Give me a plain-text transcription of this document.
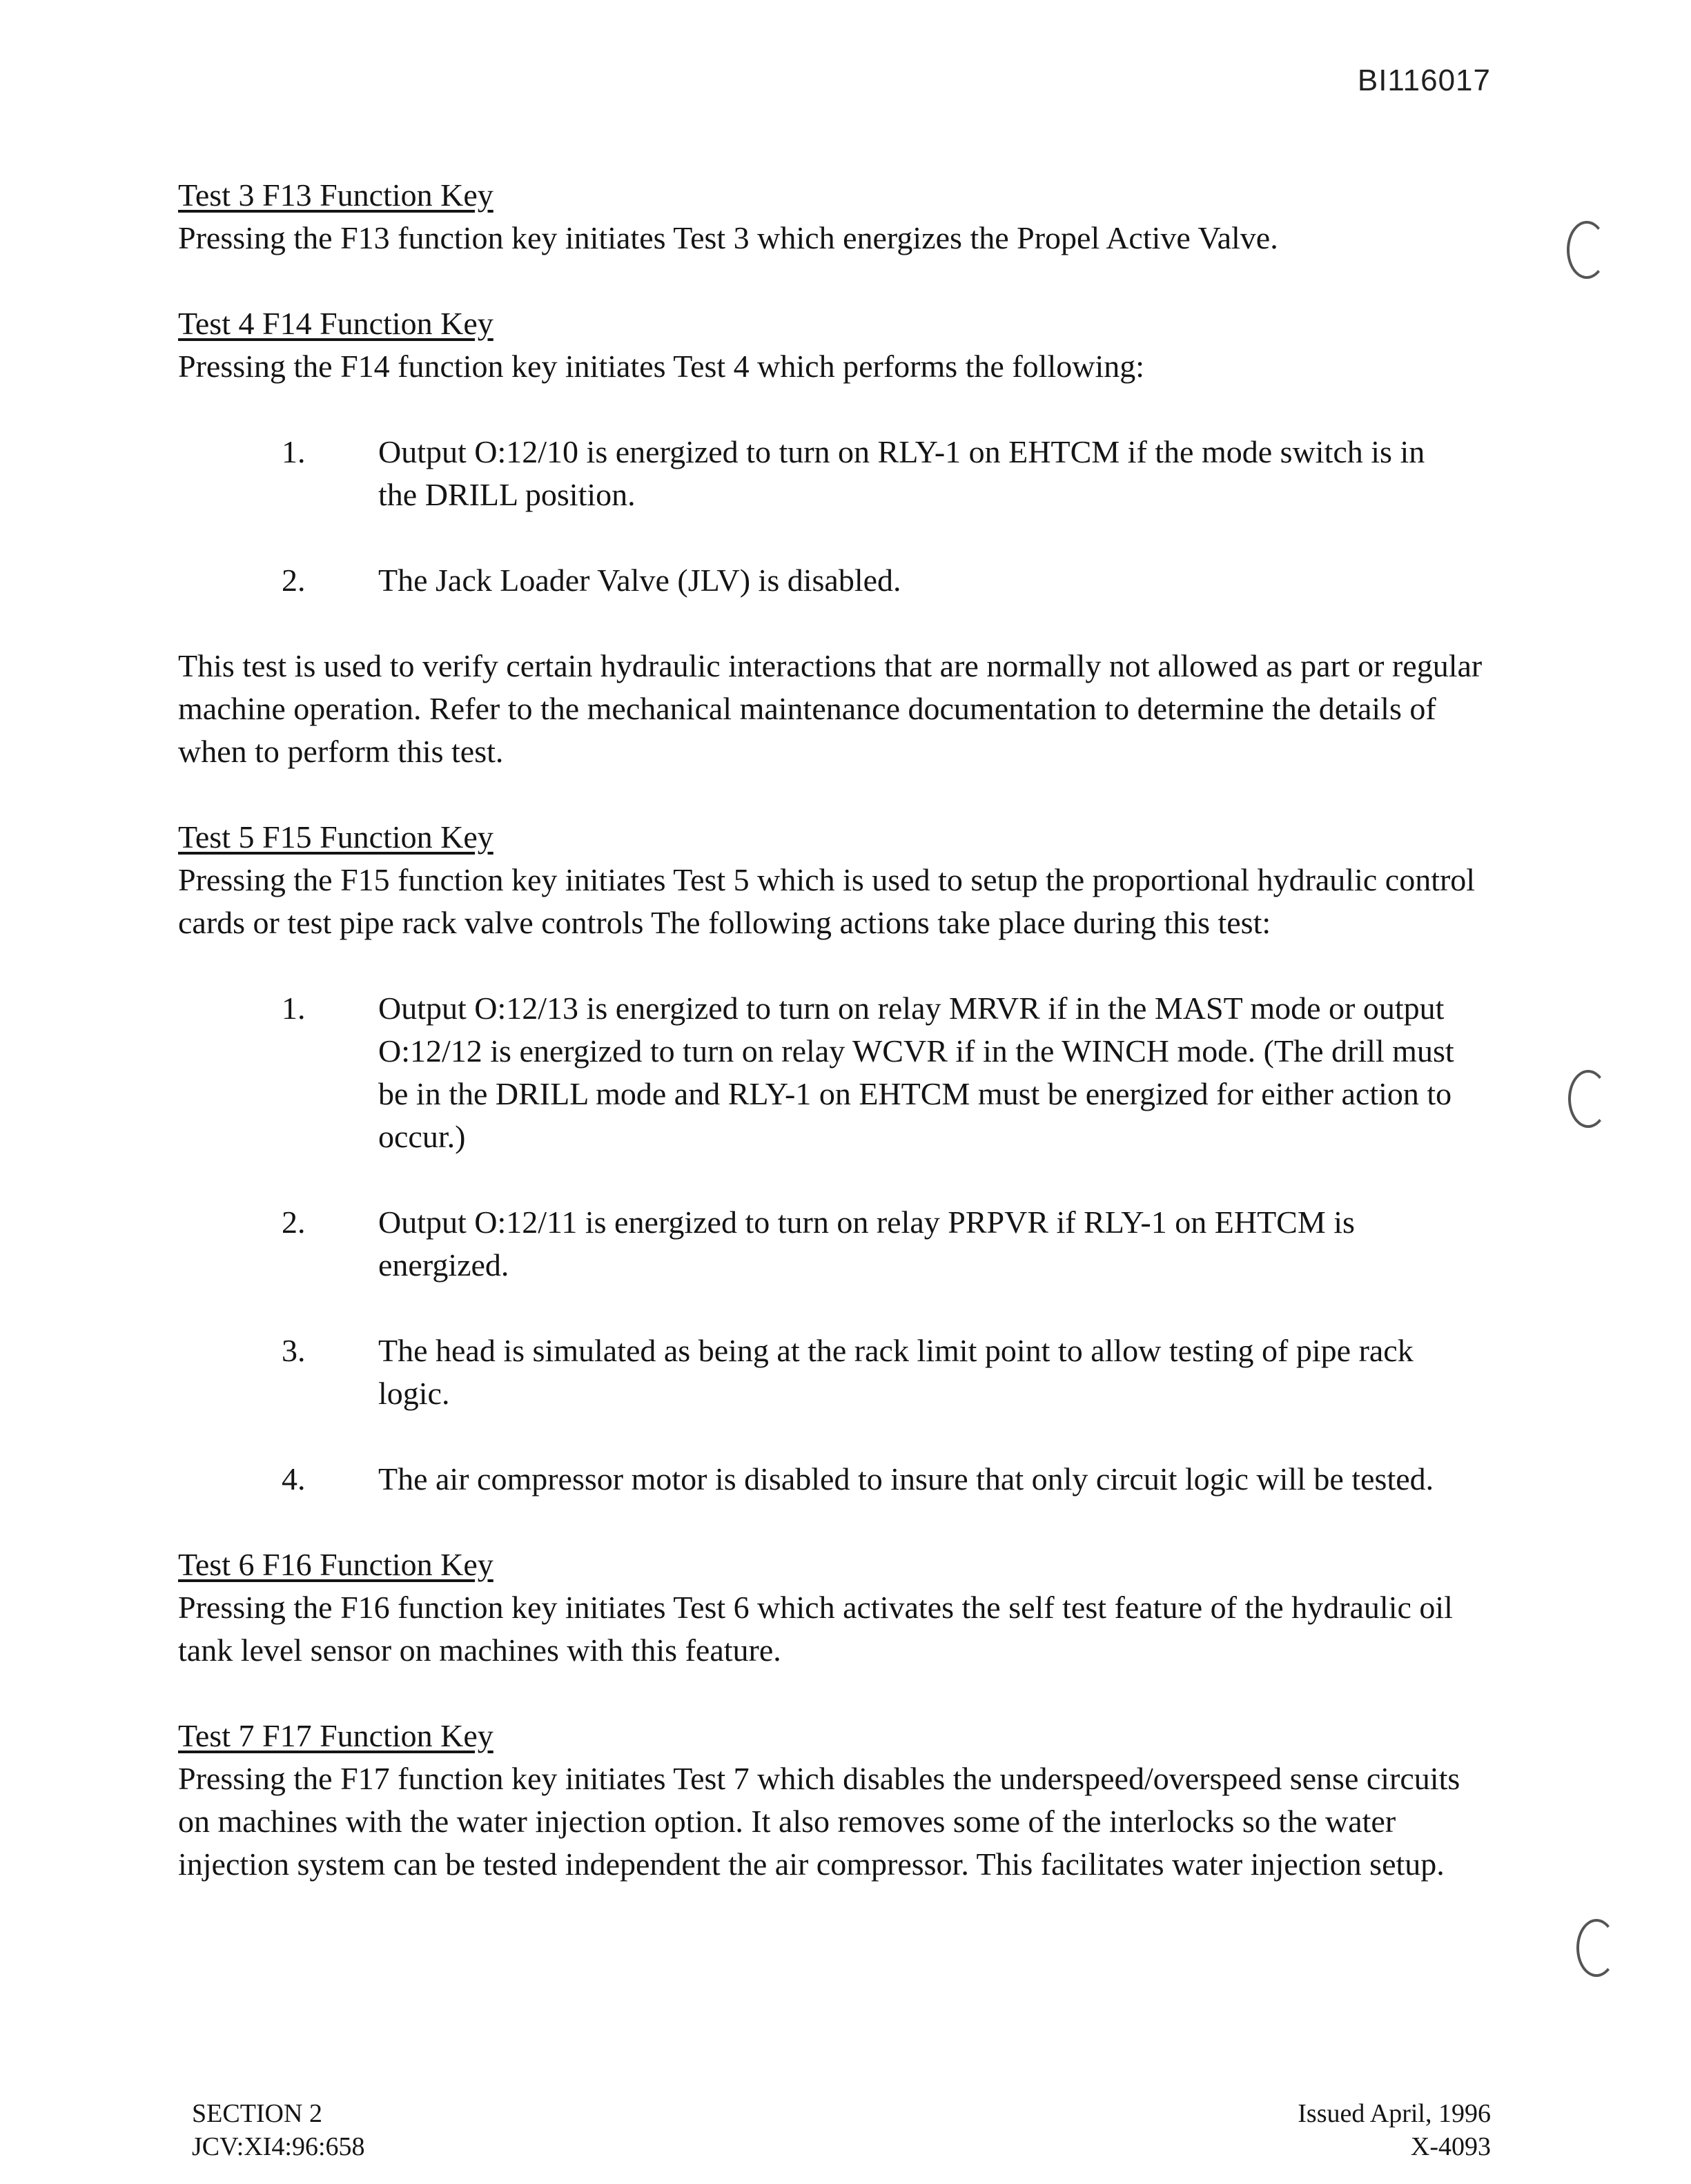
BI116017
Test 3 F13 Function Key

Pressing the F13 function key initiates Test 3 which energizes the Propel Active Valve.

Test 4 F14 Function Key

Pressing the F14 function key initiates Test 4 which performs the following:

1.	Output O:12/10 is energized to turn on RLY-1 on EHTCM if the mode switch is in the DRILL position.
2.	The Jack Loader Valve (JLV) is disabled.

This test is used to verify certain hydraulic interactions that are normally not allowed as part or regular machine operation. Refer to the mechanical maintenance documentation to determine the details of when to perform this test.

Test 5 F15 Function Key

Pressing the F15 function key initiates Test 5 which is used to setup the proportional hydraulic control cards or test pipe rack valve controls The following actions take place during this test:

1.	Output O:12/13 is energized to turn on relay MRVR if in the MAST mode or output O:12/12 is energized to turn on relay WCVR if in the WINCH mode. (The drill must be in the DRILL mode and RLY-1 on EHTCM must be energized for either action to occur.)
2.	Output O:12/11 is energized to turn on relay PRPVR if RLY-1 on EHTCM is energized.
3.	The head is simulated as being at the rack limit point to allow testing of pipe rack logic.
4.	The air compressor motor is disabled to insure that only circuit logic will be tested.
Test 6 F16 Function Key

Pressing the F16 function key initiates Test 6 which activates the self test feature of the hydraulic oil tank level sensor on machines with this feature.

Test 7 F17 Function Key

Pressing the F17 function key initiates Test 7 which disables the underspeed/overspeed sense circuits on machines with the water injection option. It also removes some of the interlocks so the water injection system can be tested independent the air compressor. This facilitates water injection setup.

SECTION 2
JCV:XI4:96:658
Issued April, 1996
X-4093
